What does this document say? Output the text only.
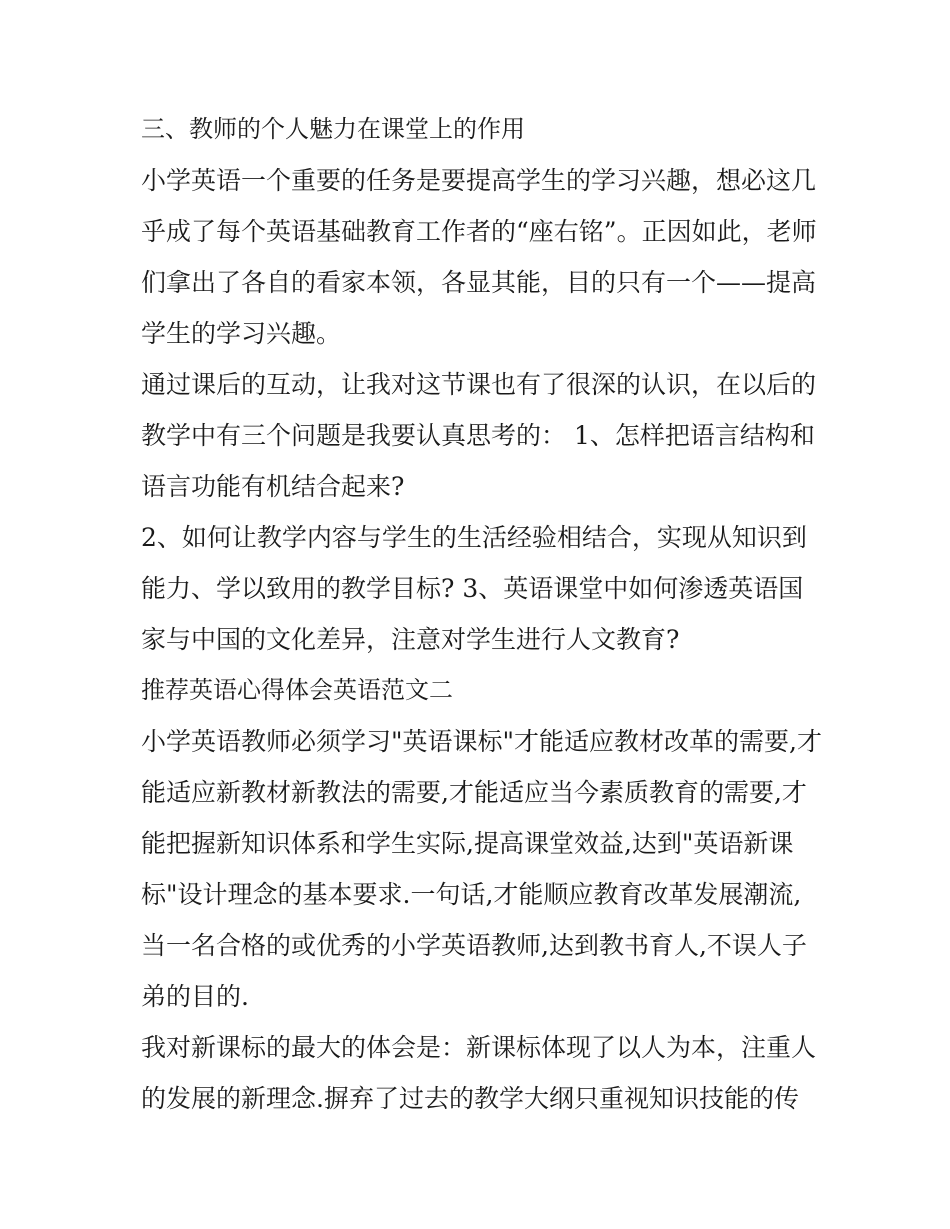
三、教师的个人魅力在课堂上的作用
小学英语一个重要的任务是要提高学生的学习兴趣，想必这几
乎成了每个英语基础教育工作者的“座右铭”。正因如此，老师
们拿出了各自的看家本领，各显其能，目的只有一个——提高
学生的学习兴趣。
通过课后的互动，让我对这节课也有了很深的认识，在以后的
教学中有三个问题是我要认真思考的： 1、怎样把语言结构和
语言功能有机结合起来?
2、如何让教学内容与学生的生活经验相结合，实现从知识到
能力、学以致用的教学目标? 3、英语课堂中如何渗透英语国
家与中国的文化差异，注意对学生进行人文教育?
推荐英语心得体会英语范文二
小学英语教师必须学习"英语课标"才能适应教材改革的需要,才
能适应新教材新教法的需要,才能适应当今素质教育的需要,才
能把握新知识体系和学生实际,提高课堂效益,达到"英语新课
标"设计理念的基本要求.一句话,才能顺应教育改革发展潮流,
当一名合格的或优秀的小学英语教师,达到教书育人,不误人子
弟的目的.
我对新课标的最大的体会是：新课标体现了以人为本，注重人
的发展的新理念.摒弃了过去的教学大纲只重视知识技能的传
